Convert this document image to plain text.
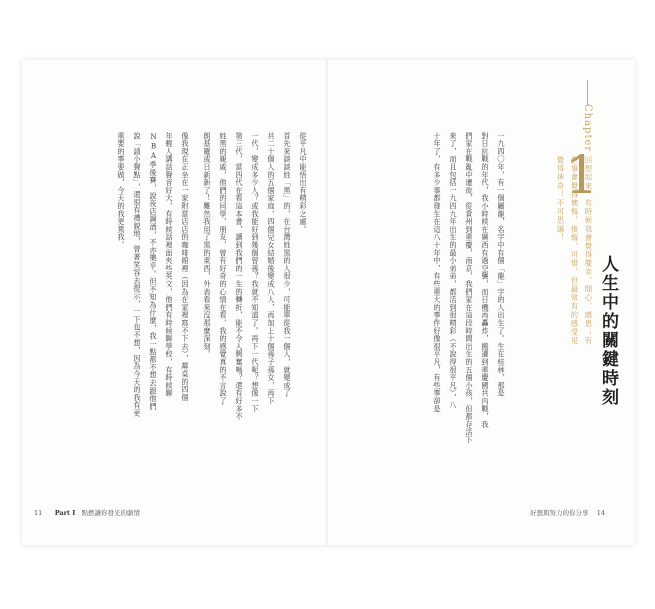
Chapter
1
人生中的關鍵時刻
回想起來，有時候我會覺得慶幸，開心，感恩；有
些事會覺得懊悔，後悔，可惜，但最常有的感受是
覺得神奇！不可思議！
一九四〇年，有一個屬龍，名字中有個「龍」字的人出生了。生在桂林，那是
對日抗戰的年代，我小時候在廣西有過空襲，而日機再轟炸，搬遷到重慶國共內戰，我
們家在戰亂中遷徙，從貴州到重慶，南京，我們家在這段時間出生的五個小孩，但都存活下
來了，而且包括一九四九年出生的最小弟弟，都活到很精彩（不說得很平凡），八
十年了，有多少事都發生在這八十年中，有些重大的事件好像很平凡，有些事卻是
從平凡中能悟出有精彩之處。
首先來談談姓「黑」的，在台灣姓黑的人很少，可能單從我一個人，就變成了
共二十個人的五個家庭，四個兒女結婚後變成八人，再加上十個孫子孫女，再下
一代，變成多少人？或我能好到幾個曾孫？我就不知道了。再下一代呢？想像一下
第三代，當四代在看這本書，讀到我們的一生的轉折，能不令人興奮嗎？還有好多不
姓黑的親戚，他們的同學，朋友，曾有好奇的心情在看，我的感覺真的不言說了
朗基羅或日新新了！難然我用了黑的東西，外表看來沒那麼深刻。
像我現在正坐在一家附當店店的咖啡館裡（因為在家裡寫不下去），鄰桌的四個
年輕人講話聲音好大，有時候話裡面夾些英文，他們有時候聊學校，有時候聊
NBA季後賽，說夜店調酒，不亦樂乎。但不知為什麼，我一點都不想去跟他們
說「請小聲點」，還很有禮貌地，曾著笑容去提示，一下也不想，因為今天的我有更
重要的事要做，今天的我更篤我。
11 Part I 點燃讓你發光的劇情	好想與努力的你分享 14
